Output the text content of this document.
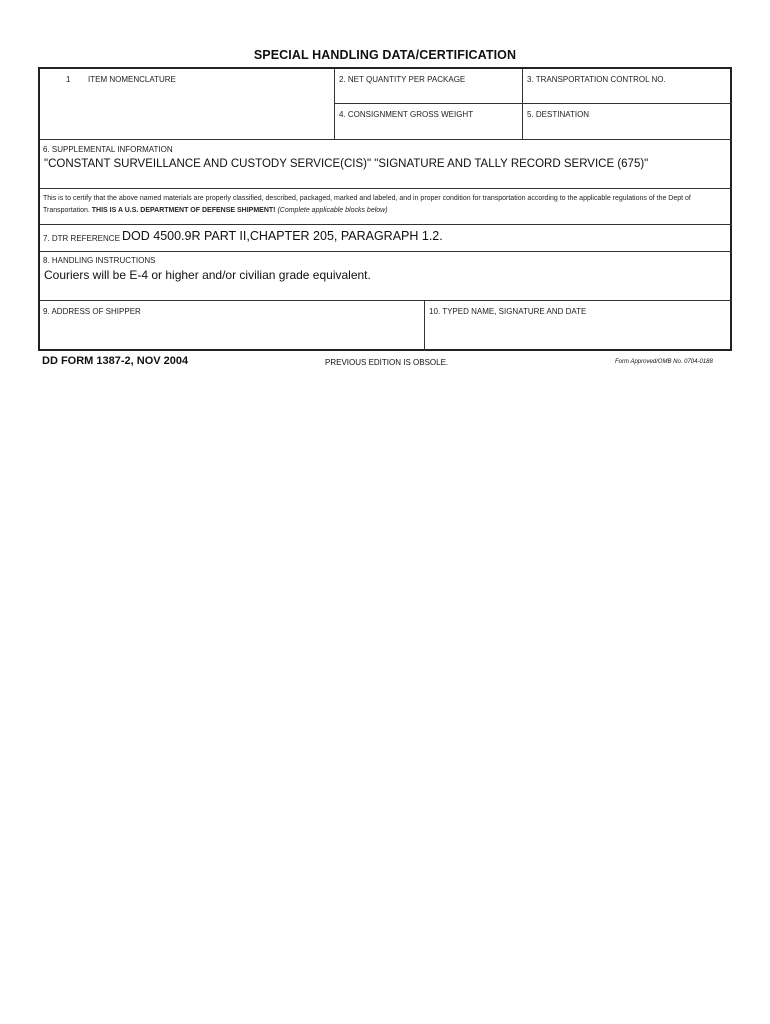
SPECIAL HANDLING DATA/CERTIFICATION
1 ITEM NOMENCLATURE	2. NET QUANTITY PER PACKAGE	3. TRANSPORTATION CONTROL NO.
4. CONSIGNMENT GROSS WEIGHT	5. DESTINATION
6. SUPPLEMENTAL INFORMATION
"CONSTANT SURVEILLANCE AND CUSTODY SERVICE(CIS)" "SIGNATURE AND TALLY RECORD SERVICE (675)"
This is to certify that the above named materials are properly classified, described, packaged, marked and labeled, and in proper condition for transportation according to the applicable regulations of the Dept of Transportation. THIS IS A U.S. DEPARTMENT OF DEFENSE SHIPMENT! (Complete applicable blocks below)
7. DTR REFERENCE DOD 4500.9R PART II,CHAPTER 205, PARAGRAPH 1.2.
8. HANDLING INSTRUCTIONS
Couriers will be E-4 or higher and/or civilian grade equivalent.
9. ADDRESS OF SHIPPER	10. TYPED NAME, SIGNATURE AND DATE
DD FORM 1387-2, NOV 2004	PREVIOUS EDITION IS OBSOLE.	Form Approved/OMB No. 0704-0188
